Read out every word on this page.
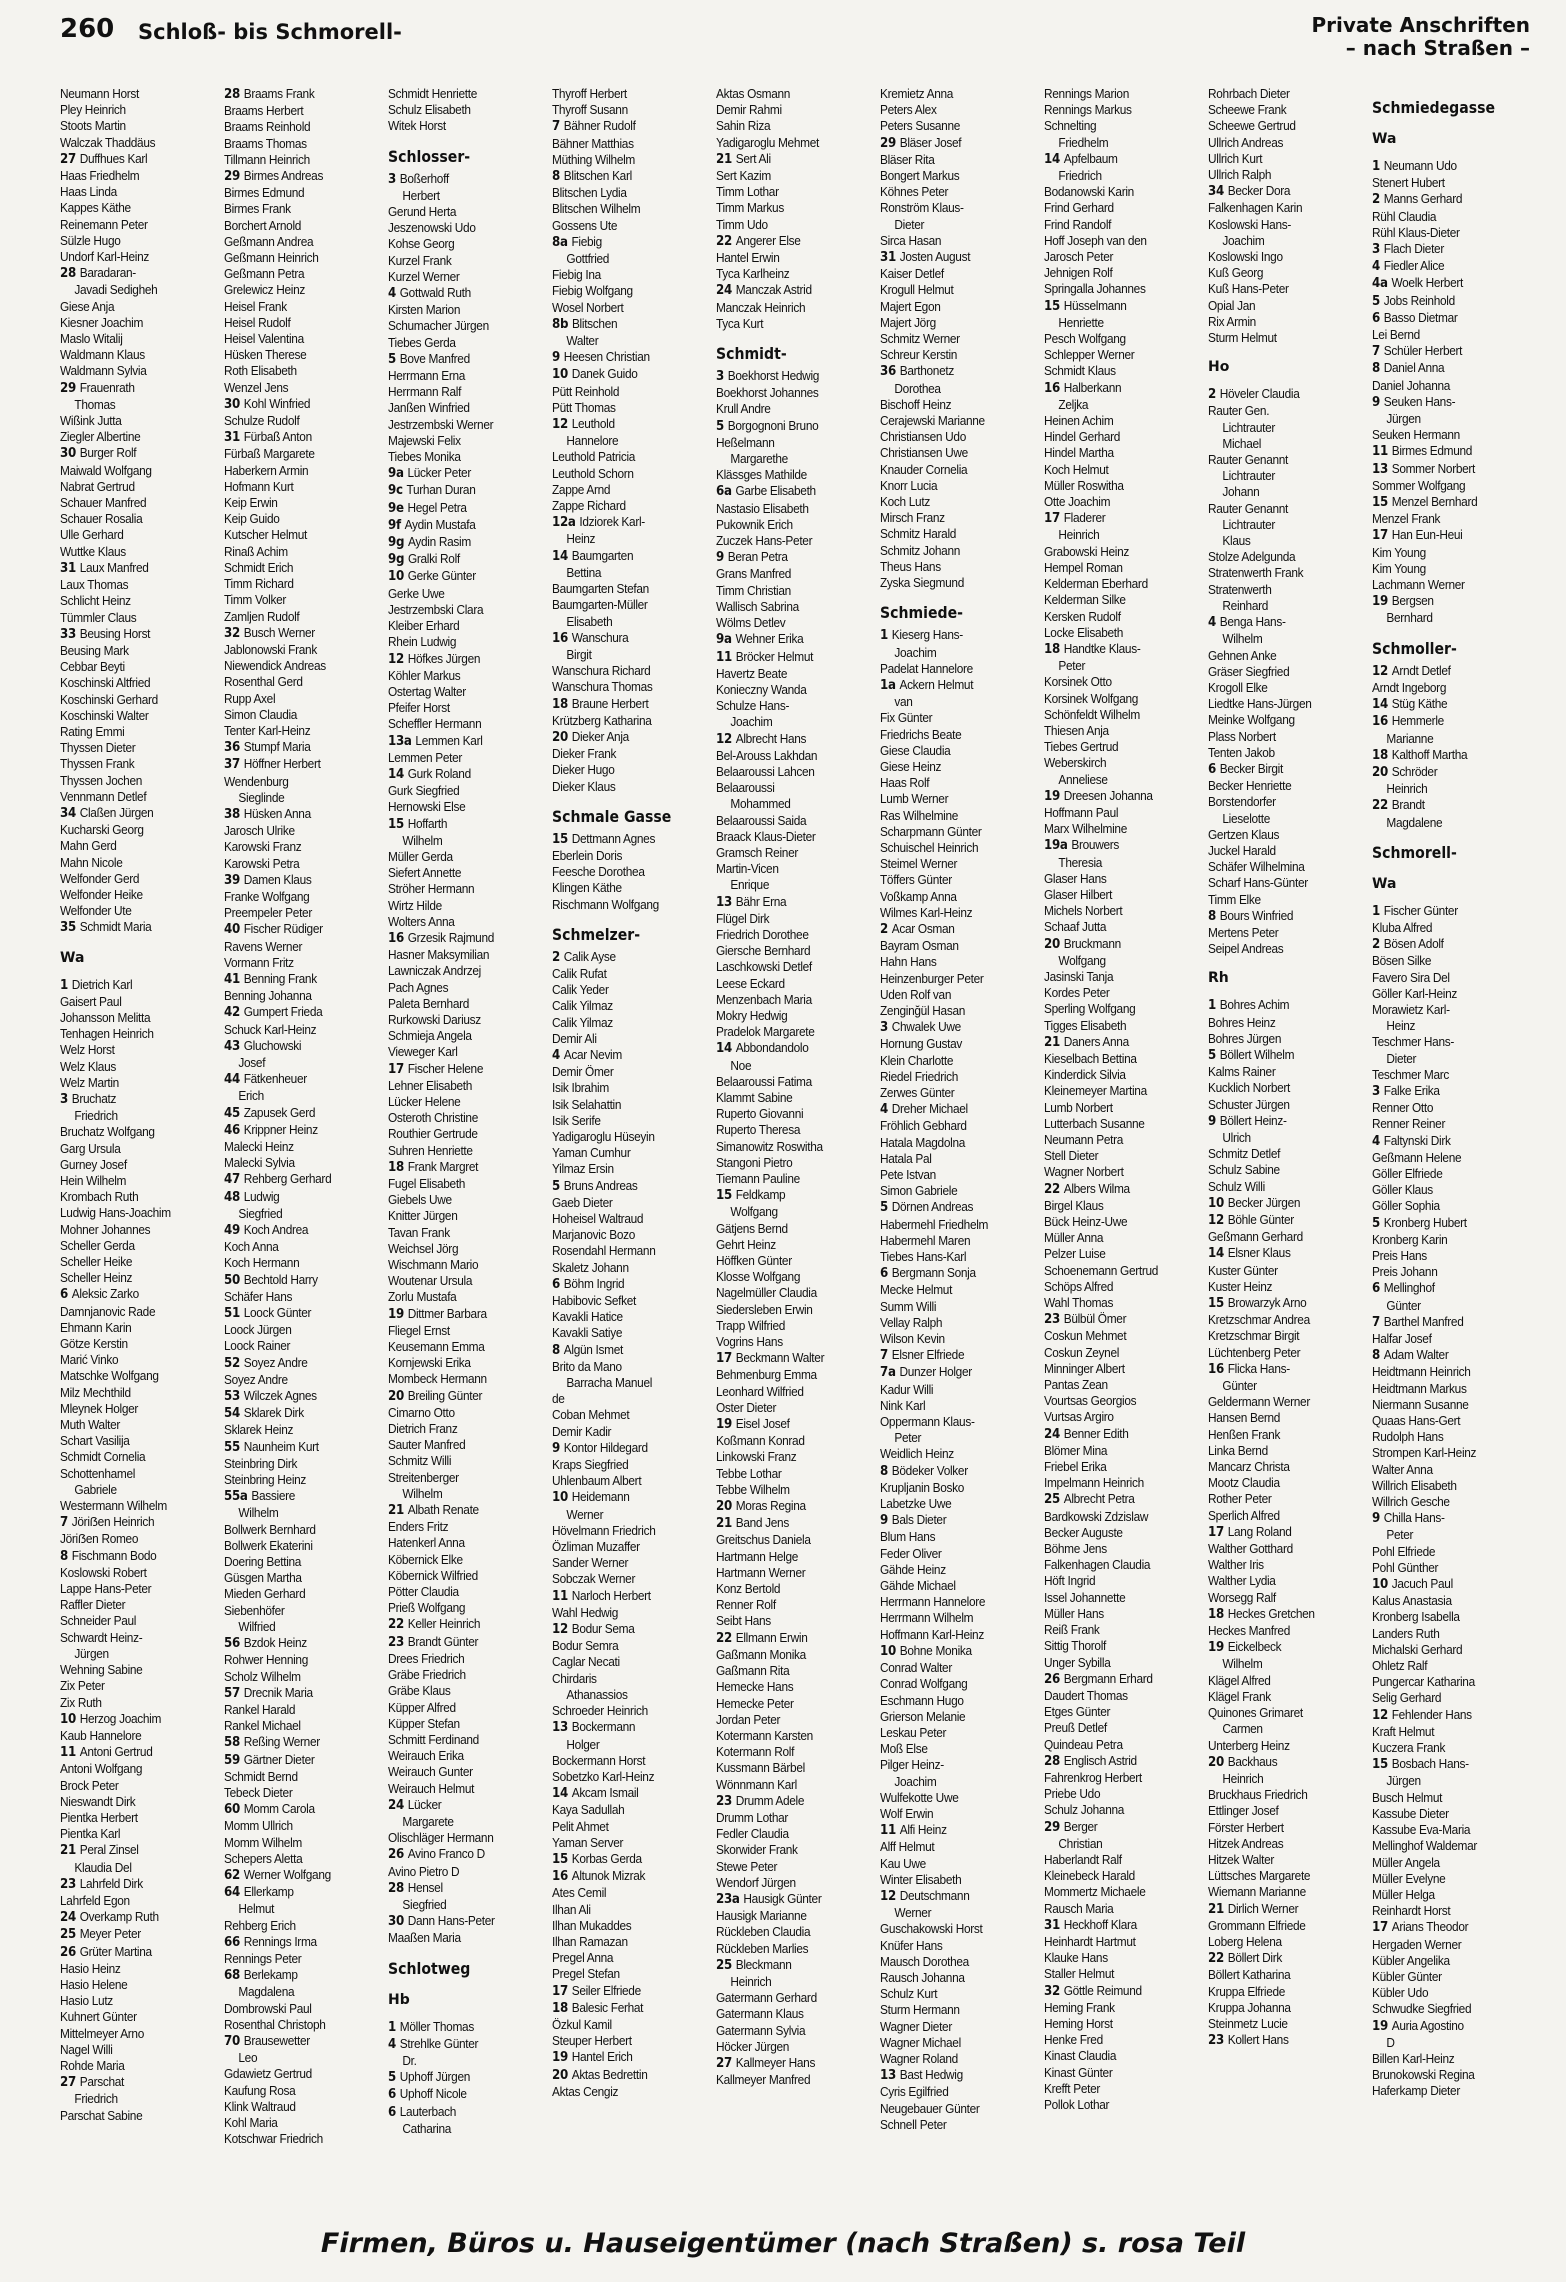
260 Schloß- bis Schmorell-	Private Anschriften
– nach Straßen –
Neumann Horst
Pley Heinrich
Stoots Martin
Walczak Thaddäus
27 Duffhues Karl
Haas Friedhelm
Haas Linda
Kappes Käthe
Reinemann Peter
Sülzle Hugo
Undorf Karl-Heinz
28 Baradaran-
Javadi Sedigheh
Giese Anja
Kiesner Joachim
Maslo Witalij
Waldmann Klaus
Waldmann Sylvia
29 Frauenrath
Thomas
Wißink Jutta
Ziegler Albertine
30 Burger Rolf
Maiwald Wolfgang
Nabrat Gertrud
Schauer Manfred
Schauer Rosalia
Ulle Gerhard
Wuttke Klaus
31 Laux Manfred
Laux Thomas
Schlicht Heinz
Tümmler Claus
33 Beusing Horst
Beusing Mark
Cebbar Beyti
Koschinski Altfried
Koschinski Gerhard
Koschinski Walter
Rating Emmi
Thyssen Dieter
Thyssen Frank
Thyssen Jochen
Vennmann Detlef
34 Claßen Jürgen
Kucharski Georg
Mahn Gerd
Mahn Nicole
Welfonder Gerd
Welfonder Heike
Welfonder Ute
35 Schmidt Maria
Wa
1 Dietrich Karl
Gaisert Paul
Johansson Melitta
Tenhagen Heinrich
Welz Horst
Welz Klaus
Welz Martin
3 Bruchatz
Friedrich
Bruchatz Wolfgang
Garg Ursula
Gurney Josef
Hein Wilhelm
Krombach Ruth
Ludwig Hans-Joachim
Mohner Johannes
Scheller Gerda
Scheller Heike
Scheller Heinz
6 Aleksic Zarko
Damnjanovic Rade
Ehmann Karin
Götze Kerstin
Marić Vinko
Matschke Wolfgang
Milz Mechthild
Mleynek Holger
Muth Walter
Schart Vasilija
Schmidt Cornelia
Schottenhamel
Gabriele
Westermann Wilhelm
7 Jöriẞen Heinrich
Jöriẞen Romeo
8 Fischmann Bodo
Koslowski Robert
Lappe Hans-Peter
Raffler Dieter
Schneider Paul
Schwardt Heinz-
Jürgen
Wehning Sabine
Zix Peter
Zix Ruth
10 Herzog Joachim
Kaub Hannelore
11 Antoni Gertrud
Antoni Wolfgang
Brock Peter
Nieswandt Dirk
Pientka Herbert
Pientka Karl
21 Peral Zinsel
Klaudia Del
23 Lahrfeld Dirk
Lahrfeld Egon
24 Overkamp Ruth
25 Meyer Peter
26 Grüter Martina
Hasio Heinz
Hasio Helene
Hasio Lutz
Kuhnert Günter
Mittelmeyer Arno
Nagel Willi
Rohde Maria
27 Parschat
Friedrich
Parschat Sabine
28 Braams Frank
Braams Herbert
Braams Reinhold
Braams Thomas
Tillmann Heinrich
29 Birmes Andreas
Birmes Edmund
Birmes Frank
Borchert Arnold
Geßmann Andrea
Geßmann Heinrich
Geßmann Petra
Grelewicz Heinz
Heisel Frank
Heisel Rudolf
Heisel Valentina
Hüsken Therese
Roth Elisabeth
Wenzel Jens
30 Kohl Winfried
Schulze Rudolf
31 Fürbaß Anton
Fürbaß Margarete
Haberkern Armin
Hofmann Kurt
Keip Erwin
Keip Guido
Kutscher Helmut
Rinaß Achim
Schmidt Erich
Timm Richard
Timm Volker
Zamljen Rudolf
32 Busch Werner
Jablonowski Frank
Niewendick Andreas
Rosenthal Gerd
Rupp Axel
Simon Claudia
Tenter Karl-Heinz
36 Stumpf Maria
37 Höffner Herbert
Wendenburg
Sieglinde
38 Hüsken Anna
Jarosch Ulrike
Karowski Franz
Karowski Petra
39 Damen Klaus
Franke Wolfgang
Preempeler Peter
40 Fischer Rüdiger
Ravens Werner
Vormann Fritz
41 Benning Frank
Benning Johanna
42 Gumpert Frieda
Schuck Karl-Heinz
43 Gluchowski
Josef
44 Fätkenheuer
Erich
45 Zapusek Gerd
46 Krippner Heinz
Malecki Heinz
Malecki Sylvia
47 Rehberg Gerhard
48 Ludwig
Siegfried
49 Koch Andrea
Koch Anna
Koch Hermann
50 Bechtold Harry
Schäfer Hans
51 Loock Günter
Loock Jürgen
Loock Rainer
52 Soyez Andre
Soyez Andre
53 Wilczek Agnes
54 Sklarek Dirk
Sklarek Heinz
55 Naunheim Kurt
Steinbring Dirk
Steinbring Heinz
55a Bassiere
Wilhelm
Bollwerk Bernhard
Bollwerk Ekaterini
Doering Bettina
Güsgen Martha
Mieden Gerhard
Siebenhöfer
Wilfried
56 Bzdok Heinz
Rohwer Henning
Scholz Wilhelm
57 Drecnik Maria
Rankel Harald
Rankel Michael
58 Reßing Werner
59 Gärtner Dieter
Schmidt Bernd
Tebeck Dieter
60 Momm Carola
Momm Ullrich
Momm Wilhelm
Schepers Aletta
62 Werner Wolfgang
64 Ellerkamp
Helmut
Rehberg Erich
66 Rennings Irma
Rennings Peter
68 Berlekamp
Magdalena
Dombrowski Paul
Rosenthal Christoph
70 Brausewetter
Leo
Gdawietz Gertrud
Kaufung Rosa
Klink Waltraud
Kohl Maria
Kotschwar Friedrich
Schmidt Henriette
Schulz Elisabeth
Witek Horst
Schlosser-
3 Boßerhoff
Herbert
Gerund Herta
Jeszenowski Udo
Kohse Georg
Kurzel Frank
Kurzel Werner
4 Gottwald Ruth
Kirsten Marion
Schumacher Jürgen
Tiebes Gerda
5 Bove Manfred
Herrmann Erna
Herrmann Ralf
Janßen Winfried
Jestrzembski Werner
Majewski Felix
Tiebes Monika
9a Lücker Peter
9c Turhan Duran
9e Hegel Petra
9f Aydin Mustafa
9g Aydin Rasim
9g Gralki Rolf
10 Gerke Günter
Gerke Uwe
Jestrzembski Clara
Kleiber Erhard
Rhein Ludwig
12 Höfkes Jürgen
Köhler Markus
Ostertag Walter
Pfeifer Horst
Scheffler Hermann
13a Lemmen Karl
Lemmen Peter
14 Gurk Roland
Gurk Siegfried
Hernowski Else
15 Hoffarth
Wilhelm
Müller Gerda
Siefert Annette
Ströher Hermann
Wirtz Hilde
Wolters Anna
16 Grzesik Rajmund
Hasner Maksymilian
Lawniczak Andrzej
Pach Agnes
Paleta Bernhard
Rurkowski Dariusz
Schmieja Angela
Vieweger Karl
17 Fischer Helene
Lehner Elisabeth
Lücker Helene
Osteroth Christine
Routhier Gertrude
Suhren Henriette
18 Frank Margret
Fugel Elisabeth
Giebels Uwe
Knitter Jürgen
Tavan Frank
Weichsel Jörg
Wischmann Mario
Woutenar Ursula
Zorlu Mustafa
19 Dittmer Barbara
Fliegel Ernst
Keusemann Emma
Kornjewski Erika
Mombeck Hermann
20 Breiling Günter
Cimarno Otto
Dietrich Franz
Sauter Manfred
Schmitz Willi
Streitenberger
Wilhelm
21 Albath Renate
Enders Fritz
Hatenkerl Anna
Köbernick Elke
Köbernick Wilfried
Pötter Claudia
Prieß Wolfgang
22 Keller Heinrich
23 Brandt Günter
Drees Friedrich
Gräbe Friedrich
Gräbe Klaus
Küpper Alfred
Küpper Stefan
Schmitt Ferdinand
Weirauch Erika
Weirauch Gunter
Weirauch Helmut
24 Lücker
Margarete
Olischläger Hermann
26 Avino Franco D
Avino Pietro D
28 Hensel
Siegfried
30 Dann Hans-Peter
Maaßen Maria
Schlotweg
Hb
1 Möller Thomas
4 Strehlke Günter
Dr.
5 Uphoff Jürgen
6 Uphoff Nicole
6 Lauterbach
Catharina
Thyroff Herbert
Thyroff Susann
7 Bähner Rudolf
Bähner Matthias
Müthing Wilhelm
8 Blitschen Karl
Blitschen Lydia
Blitschen Wilhelm
Gossens Ute
8a Fiebig
Gottfried
Fiebig Ina
Fiebig Wolfgang
Wosel Norbert
8b Blitschen
Walter
9 Heesen Christian
10 Danek Guido
Pütt Reinhold
Pütt Thomas
12 Leuthold
Hannelore
Leuthold Patricia
Leuthold Schorn
Zappe Arnd
Zappe Richard
12a Idziorek Karl-
Heinz
14 Baumgarten
Bettina
Baumgarten Stefan
Baumgarten-Müller
Elisabeth
16 Wanschura
Birgit
Wanschura Richard
Wanschura Thomas
18 Braune Herbert
Krützberg Katharina
20 Dieker Anja
Dieker Frank
Dieker Hugo
Dieker Klaus
Schmale Gasse
15 Dettmann Agnes
Eberlein Doris
Feesche Dorothea
Klingen Käthe
Rischmann Wolfgang
Schmelzer-
2 Calik Ayse
Calik Rufat
Calik Yeder
Calik Yilmaz
Calik Yilmaz
Demir Ali
4 Acar Nevim
Demir Ömer
Isik Ibrahim
Isik Selahattin
Isik Serife
Yadigaroglu Hüseyin
Yaman Cumhur
Yilmaz Ersin
5 Bruns Andreas
Gaeb Dieter
Hoheisel Waltraud
Marjanovic Bozo
Rosendahl Hermann
Skaletz Johann
6 Böhm Ingrid
Habibovic Sefket
Kavakli Hatice
Kavakli Satiye
8 Algün Ismet
Brito da Mano
Barracha Manuel
de
Coban Mehmet
Demir Kadir
9 Kontor Hildegard
Kraps Siegfried
Uhlenbaum Albert
10 Heidemann
Werner
Hövelmann Friedrich
Özliman Muzaffer
Sander Werner
Sobczak Werner
11 Narloch Herbert
Wahl Hedwig
12 Bodur Sema
Bodur Semra
Caglar Necati
Chirdaris
Athanassios
Schroeder Heinrich
13 Bockermann
Holger
Bockermann Horst
Sobetzko Karl-Heinz
14 Akcam Ismail
Kaya Sadullah
Pelit Ahmet
Yaman Server
15 Korbas Gerda
16 Altunok Mizrak
Ates Cemil
Ilhan Ali
Ilhan Mukaddes
Ilhan Ramazan
Pregel Anna
Pregel Stefan
17 Seiler Elfriede
18 Balesic Ferhat
Özkul Kamil
Steuper Herbert
19 Hantel Erich
20 Aktas Bedrettin
Aktas Cengiz
Aktas Osmann
Demir Rahmi
Sahin Riza
Yadigaroglu Mehmet
21 Sert Ali
Sert Kazim
Timm Lothar
Timm Markus
Timm Udo
22 Angerer Else
Hantel Erwin
Tyca Karlheinz
24 Manczak Astrid
Manczak Heinrich
Tyca Kurt
Schmidt-
3 Boekhorst Hedwig
Boekhorst Johannes
Krull Andre
5 Borgognoni Bruno
Heßelmann
Margarethe
Klässges Mathilde
6a Garbe Elisabeth
Nastasio Elisabeth
Pukownik Erich
Zuczek Hans-Peter
9 Beran Petra
Grans Manfred
Timm Christian
Wallisch Sabrina
Wölms Detlev
9a Wehner Erika
11 Bröcker Helmut
Havertz Beate
Konieczny Wanda
Schulze Hans-
Joachim
12 Albrecht Hans
Bel-Arouss Lakhdan
Belaaroussi Lahcen
Belaaroussi
Mohammed
Belaaroussi Saida
Braack Klaus-Dieter
Gramsch Reiner
Martin-Vicen
Enrique
13 Bähr Erna
Flügel Dirk
Friedrich Dorothee
Giersche Bernhard
Laschkowski Detlef
Leese Eckard
Menzenbach Maria
Mokry Hedwig
Pradelok Margarete
14 Abbondandolo
Noe
Belaaroussi Fatima
Klammt Sabine
Ruperto Giovanni
Ruperto Theresa
Simanowitz Roswitha
Stangoni Pietro
Tiemann Pauline
15 Feldkamp
Wolfgang
Gätjens Bernd
Gehrt Heinz
Höffken Günter
Klosse Wolfgang
Nagelmüller Claudia
Siedersleben Erwin
Trapp Wilfried
Vogrins Hans
17 Beckmann Walter
Behmenburg Emma
Leonhard Wilfried
Oster Dieter
19 Eisel Josef
Koßmann Konrad
Linkowski Franz
Tebbe Lothar
Tebbe Wilhelm
20 Moras Regina
21 Band Jens
Greitschus Daniela
Hartmann Helge
Hartmann Werner
Konz Bertold
Renner Rolf
Seibt Hans
22 Ellmann Erwin
Gaßmann Monika
Gaßmann Rita
Hemecke Hans
Hemecke Peter
Jordan Peter
Kotermann Karsten
Kotermann Rolf
Kussmann Bärbel
Wönnmann Karl
23 Drumm Adele
Drumm Lothar
Fedler Claudia
Skorwider Frank
Stewe Peter
Wendorf Jürgen
23a Hausigk Günter
Hausigk Marianne
Rückleben Claudia
Rückleben Marlies
25 Bleckmann
Heinrich
Gatermann Gerhard
Gatermann Klaus
Gatermann Sylvia
Höcker Jürgen
27 Kallmeyer Hans
Kallmeyer Manfred
Kremietz Anna
Peters Alex
Peters Susanne
29 Bläser Josef
Bläser Rita
Bongert Markus
Köhnes Peter
Ronström Klaus-
Dieter
Sirca Hasan
31 Josten August
Kaiser Detlef
Krogull Helmut
Majert Egon
Majert Jörg
Schmitz Werner
Schreur Kerstin
36 Barthonetz
Dorothea
Bischoff Heinz
Cerajewski Marianne
Christiansen Udo
Christiansen Uwe
Knauder Cornelia
Knorr Lucia
Koch Lutz
Mirsch Franz
Schmitz Harald
Schmitz Johann
Theus Hans
Zyska Siegmund
Schmiede-
1 Kieserg Hans-
Joachim
Padelat Hannelore
1a Ackern Helmut
van
Fix Günter
Friedrichs Beate
Giese Claudia
Giese Heinz
Haas Rolf
Lumb Werner
Ras Wilhelmine
Scharpmann Günter
Schuischel Heinrich
Steimel Werner
Töffers Günter
Voßkamp Anna
Wilmes Karl-Heinz
2 Acar Osman
Bayram Osman
Hahn Hans
Heinzenburger Peter
Uden Rolf van
Zenginğül Hasan
3 Chwalek Uwe
Hornung Gustav
Klein Charlotte
Riedel Friedrich
Zerwes Günter
4 Dreher Michael
Fröhlich Gebhard
Hatala Magdolna
Hatala Pal
Pete Istvan
Simon Gabriele
5 Dörnen Andreas
Habermehl Friedhelm
Habermehl Maren
Tiebes Hans-Karl
6 Bergmann Sonja
Mecke Helmut
Summ Willi
Vellay Ralph
Wilson Kevin
7 Elsner Elfriede
7a Dunzer Holger
Kadur Willi
Nink Karl
Oppermann Klaus-
Peter
Weidlich Heinz
8 Bödeker Volker
Krupljanin Bosko
Labetzke Uwe
9 Bals Dieter
Blum Hans
Feder Oliver
Gähde Heinz
Gähde Michael
Herrmann Hannelore
Herrmann Wilhelm
Hoffmann Karl-Heinz
10 Bohne Monika
Conrad Walter
Conrad Wolfgang
Eschmann Hugo
Grierson Melanie
Leskau Peter
Moß Else
Pilger Heinz-
Joachim
Wulfekotte Uwe
Wolf Erwin
11 Alfi Heinz
Alff Helmut
Kau Uwe
Winter Elisabeth
12 Deutschmann
Werner
Guschakowski Horst
Knüfer Hans
Mausch Dorothea
Rausch Johanna
Schulz Kurt
Sturm Hermann
Wagner Dieter
Wagner Michael
Wagner Roland
13 Bast Hedwig
Cyris Egilfried
Neugebauer Günter
Schnell Peter
Rennings Marion
Rennings Markus
Schnelting
Friedhelm
14 Apfelbaum
Friedrich
Bodanowski Karin
Frind Gerhard
Frind Randolf
Hoff Joseph van den
Jarosch Peter
Jehnigen Rolf
Springalla Johannes
15 Hüsselmann
Henriette
Pesch Wolfgang
Schlepper Werner
Schmidt Klaus
16 Halberkann
Zeljka
Heinen Achim
Hindel Gerhard
Hindel Martha
Koch Helmut
Müller Roswitha
Otte Joachim
17 Fladerer
Heinrich
Grabowski Heinz
Hempel Roman
Kelderman Eberhard
Kelderman Silke
Kersken Rudolf
Locke Elisabeth
18 Handtke Klaus-
Peter
Korsinek Otto
Korsinek Wolfgang
Schönfeldt Wilhelm
Thiesen Anja
Tiebes Gertrud
Weberskirch
Anneliese
19 Dreesen Johanna
Hoffmann Paul
Marx Wilhelmine
19a Brouwers
Theresia
Glaser Hans
Glaser Hilbert
Michels Norbert
Schaaf Jutta
20 Bruckmann
Wolfgang
Jasinski Tanja
Kordes Peter
Sperling Wolfgang
Tigges Elisabeth
21 Daners Anna
Kieselbach Bettina
Kinderdick Silvia
Kleinemeyer Martina
Lumb Norbert
Lutterbach Susanne
Neumann Petra
Stell Dieter
Wagner Norbert
22 Albers Wilma
Birgel Klaus
Bück Heinz-Uwe
Müller Anna
Pelzer Luise
Schoenemann Gertrud
Schöps Alfred
Wahl Thomas
23 Bülbül Ömer
Coskun Mehmet
Coskun Zeynel
Minninger Albert
Pantas Zean
Vourtsas Georgios
Vurtsas Argiro
24 Benner Edith
Blömer Mina
Friebel Erika
Impelmann Heinrich
25 Albrecht Petra
Bardkowski Zdzislaw
Becker Auguste
Böhme Jens
Falkenhagen Claudia
Höft Ingrid
Issel Johannette
Müller Hans
Reiß Frank
Sittig Thorolf
Unger Sybilla
26 Bergmann Erhard
Daudert Thomas
Etges Günter
Preuß Detlef
Quindeau Petra
28 Englisch Astrid
Fahrenkrog Herbert
Priebe Udo
Schulz Johanna
29 Berger
Christian
Haberlandt Ralf
Kleinebeck Harald
Mommertz Michaele
Rausch Maria
31 Heckhoff Klara
Heinhardt Hartmut
Klauke Hans
Staller Helmut
32 Göttle Reimund
Heming Frank
Heming Horst
Henke Fred
Kinast Claudia
Kinast Günter
Krefft Peter
Pollok Lothar
Rohrbach Dieter
Scheewe Frank
Scheewe Gertrud
Ullrich Andreas
Ullrich Kurt
Ullrich Ralph
34 Becker Dora
Falkenhagen Karin
Koslowski Hans-
Joachim
Koslowski Ingo
Kuß Georg
Kuß Hans-Peter
Opial Jan
Rix Armin
Sturm Helmut
Ho
2 Höveler Claudia
Rauter Gen.
Lichtrauter
Michael
Rauter Genannt
Lichtrauter
Johann
Rauter Genannt
Lichtrauter
Klaus
Stolze Adelgunda
Stratenwerth Frank
Stratenwerth
Reinhard
4 Benga Hans-
Wilhelm
Gehnen Anke
Gräser Siegfried
Krogoll Elke
Liedtke Hans-Jürgen
Meinke Wolfgang
Plass Norbert
Tenten Jakob
6 Becker Birgit
Becker Henriette
Borstendorfer
Lieselotte
Gertzen Klaus
Juckel Harald
Schäfer Wilhelmina
Scharf Hans-Günter
Timm Elke
8 Bours Winfried
Mertens Peter
Seipel Andreas
Rh
1 Bohres Achim
Bohres Heinz
Bohres Jürgen
5 Böllert Wilhelm
Kalms Rainer
Kucklich Norbert
Schuster Jürgen
9 Böllert Heinz-
Ulrich
Schmitz Detlef
Schulz Sabine
Schulz Willi
10 Becker Jürgen
12 Böhle Günter
Geßmann Gerhard
14 Elsner Klaus
Kuster Günter
Kuster Heinz
15 Browarzyk Arno
Kretzschmar Andrea
Kretzschmar Birgit
Lüchtenberg Peter
16 Flicka Hans-
Günter
Geldermann Werner
Hansen Bernd
Henßen Frank
Linka Bernd
Mancarz Christa
Mootz Claudia
Rother Peter
Sperlich Alfred
17 Lang Roland
Walther Gotthard
Walther Iris
Walther Lydia
Worsegg Ralf
18 Heckes Gretchen
Heckes Manfred
19 Eickelbeck
Wilhelm
Klägel Alfred
Klägel Frank
Quinones Grimaret
Carmen
Unterberg Heinz
20 Backhaus
Heinrich
Bruckhaus Friedrich
Ettlinger Josef
Förster Herbert
Hitzek Andreas
Hitzek Walter
Lüttsches Margarete
Wiemann Marianne
21 Dirlich Werner
Grommann Elfriede
Loberg Helena
22 Böllert Dirk
Böllert Katharina
Kruppa Elfriede
Kruppa Johanna
Steinmetz Lucie
23 Kollert Hans
Schmiedegasse
Wa
1 Neumann Udo
Stenert Hubert
2 Manns Gerhard
Rühl Claudia
Rühl Klaus-Dieter
3 Flach Dieter
4 Fiedler Alice
4a Woelk Herbert
5 Jobs Reinhold
6 Basso Dietmar
Lei Bernd
7 Schüler Herbert
8 Daniel Anna
Daniel Johanna
9 Seuken Hans-
Jürgen
Seuken Hermann
11 Birmes Edmund
13 Sommer Norbert
Sommer Wolfgang
15 Menzel Bernhard
Menzel Frank
17 Han Eun-Heui
Kim Young
Kim Young
Lachmann Werner
19 Bergsen
Bernhard
Schmoller-
12 Arndt Detlef
Arndt Ingeborg
14 Stüg Käthe
16 Hemmerle
Marianne
18 Kalthoff Martha
20 Schröder
Heinrich
22 Brandt
Magdalene
Schmorell-
Wa
1 Fischer Günter
Kluba Alfred
2 Bösen Adolf
Bösen Silke
Favero Sira Del
Göller Karl-Heinz
Morawietz Karl-
Heinz
Teschmer Hans-
Dieter
Teschmer Marc
3 Falke Erika
Renner Otto
Renner Reiner
4 Faltynski Dirk
Geßmann Helene
Göller Elfriede
Göller Klaus
Göller Sophia
5 Kronberg Hubert
Kronberg Karin
Preis Hans
Preis Johann
6 Mellinghof
Günter
7 Barthel Manfred
Halfar Josef
8 Adam Walter
Heidtmann Heinrich
Heidtmann Markus
Niermann Susanne
Quaas Hans-Gert
Rudolph Hans
Strompen Karl-Heinz
Walter Anna
Willrich Elisabeth
Willrich Gesche
9 Chilla Hans-
Peter
Pohl Elfriede
Pohl Günther
10 Jacuch Paul
Kalus Anastasia
Kronberg Isabella
Landers Ruth
Michalski Gerhard
Ohletz Ralf
Pungercar Katharina
Selig Gerhard
12 Fehlender Hans
Kraft Helmut
Kuczera Frank
15 Bosbach Hans-
Jürgen
Busch Helmut
Kassube Dieter
Kassube Eva-Maria
Mellinghof Waldemar
Müller Angela
Müller Evelyne
Müller Helga
Reinhardt Horst
17 Arians Theodor
Hergaden Werner
Kübler Angelika
Kübler Günter
Kübler Udo
Schwudke Siegfried
19 Auria Agostino
D
Billen Karl-Heinz
Brunokowski Regina
Haferkamp Dieter
Firmen, Büros u. Hauseigentümer (nach Straßen) s. rosa Teil
